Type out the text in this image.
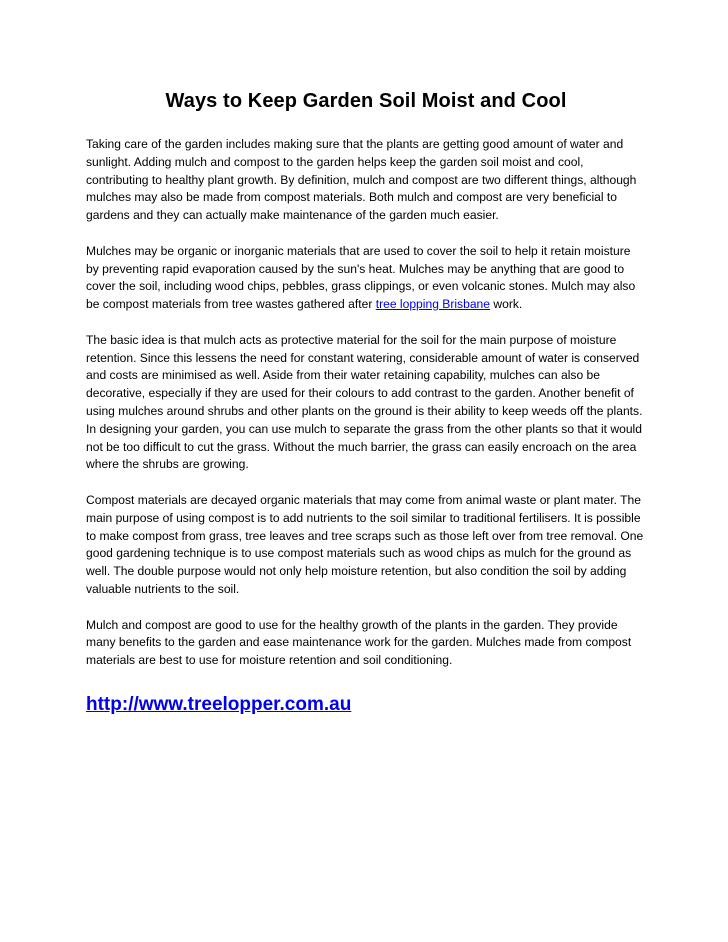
Ways to Keep Garden Soil Moist and Cool

Taking care of the garden includes making sure that the plants are getting good amount of water and sunlight. Adding mulch and compost to the garden helps keep the garden soil moist and cool, contributing to healthy plant growth. By definition, mulch and compost are two different things, although mulches may also be made from compost materials. Both mulch and compost are very beneficial to gardens and they can actually make maintenance of the garden much easier.

Mulches may be organic or inorganic materials that are used to cover the soil to help it retain moisture by preventing rapid evaporation caused by the sun's heat. Mulches may be anything that are good to cover the soil, including wood chips, pebbles, grass clippings, or even volcanic stones. Mulch may also be compost materials from tree wastes gathered after tree lopping Brisbane work.

The basic idea is that mulch acts as protective material for the soil for the main purpose of moisture retention. Since this lessens the need for constant watering, considerable amount of water is conserved and costs are minimised as well. Aside from their water retaining capability, mulches can also be decorative, especially if they are used for their colours to add contrast to the garden. Another benefit of using mulches around shrubs and other plants on the ground is their ability to keep weeds off the plants. In designing your garden, you can use mulch to separate the grass from the other plants so that it would not be too difficult to cut the grass. Without the much barrier, the grass can easily encroach on the area where the shrubs are growing.

Compost materials are decayed organic materials that may come from animal waste or plant mater. The main purpose of using compost is to add nutrients to the soil similar to traditional fertilisers. It is possible to make compost from grass, tree leaves and tree scraps such as those left over from tree removal. One good gardening technique is to use compost materials such as wood chips as mulch for the ground as well. The double purpose would not only help moisture retention, but also condition the soil by adding valuable nutrients to the soil.

Mulch and compost are good to use for the healthy growth of the plants in the garden. They provide many benefits to the garden and ease maintenance work for the garden. Mulches made from compost materials are best to use for moisture retention and soil conditioning.

http://www.treelopper.com.au
